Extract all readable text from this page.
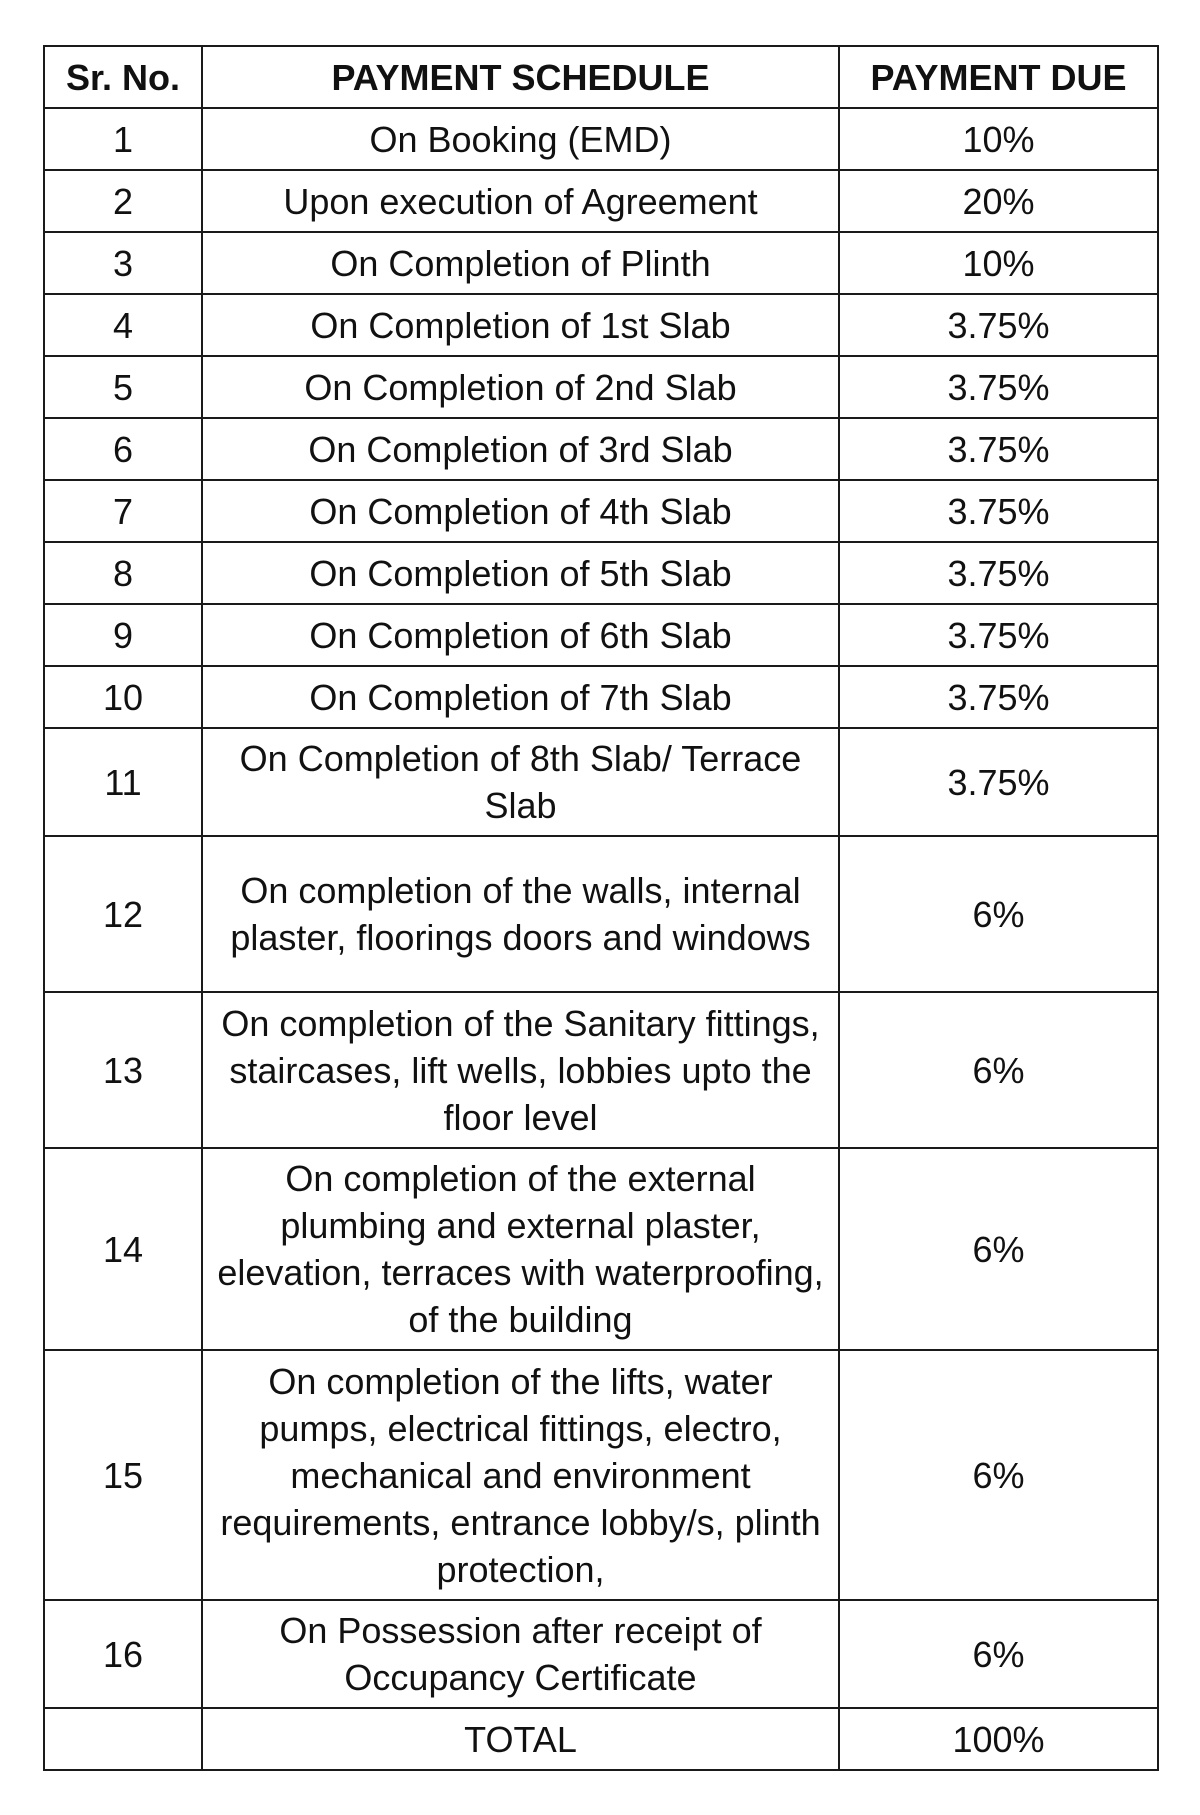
Sr. No.	PAYMENT SCHEDULE	PAYMENT DUE
1	On Booking (EMD)	10%
2	Upon execution of Agreement	20%
3	On Completion of Plinth	10%
4	On Completion of 1st Slab	3.75%
5	On Completion of 2nd Slab	3.75%
6	On Completion of 3rd Slab	3.75%
7	On Completion of 4th Slab	3.75%
8	On Completion of 5th Slab	3.75%
9	On Completion of 6th Slab	3.75%
10	On Completion of 7th Slab	3.75%
11	On Completion of 8th Slab/ Terrace Slab	3.75%
12	On completion of the walls, internal plaster, floorings doors and windows	6%
13	On completion of the Sanitary fittings, staircases, lift wells, lobbies upto the floor level	6%
14	On completion of the external plumbing and external plaster, elevation, terraces with waterproofing, of the building	6%
15	On completion of the lifts, water pumps, electrical fittings, electro, mechanical and environment requirements, entrance lobby/s, plinth protection,	6%
16	On Possession after receipt of Occupancy Certificate	6%
	TOTAL	100%
